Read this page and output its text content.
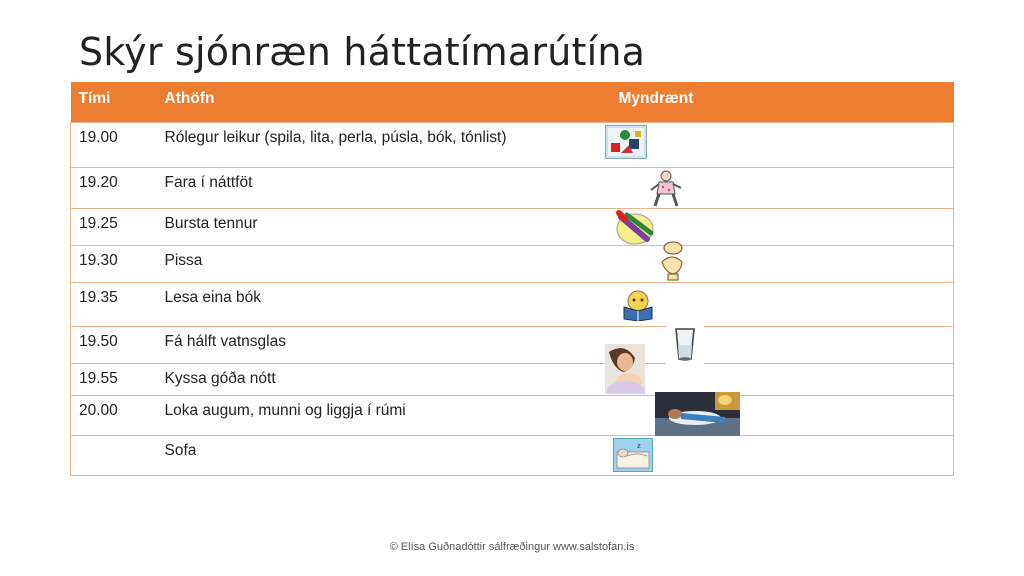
Skýr sjónræn háttatímarútína
Tími	Athöfn	Myndrænt
19.00	Rólegur leikur (spila, lita, perla, púsla, bók, tónlist)	

19.20	Fara í náttföt	

19.25	Bursta tennur	

19.30	Pissa	

19.35	Lesa eina bók	

19.50	Fá hálft vatnsglas	

19.55	Kyssa góða nótt	

20.00	Loka augum, munni og liggja í rúmi	

	Sofa	z
© Elísa Guðnadóttir sálfræðingur www.salstofan.is
